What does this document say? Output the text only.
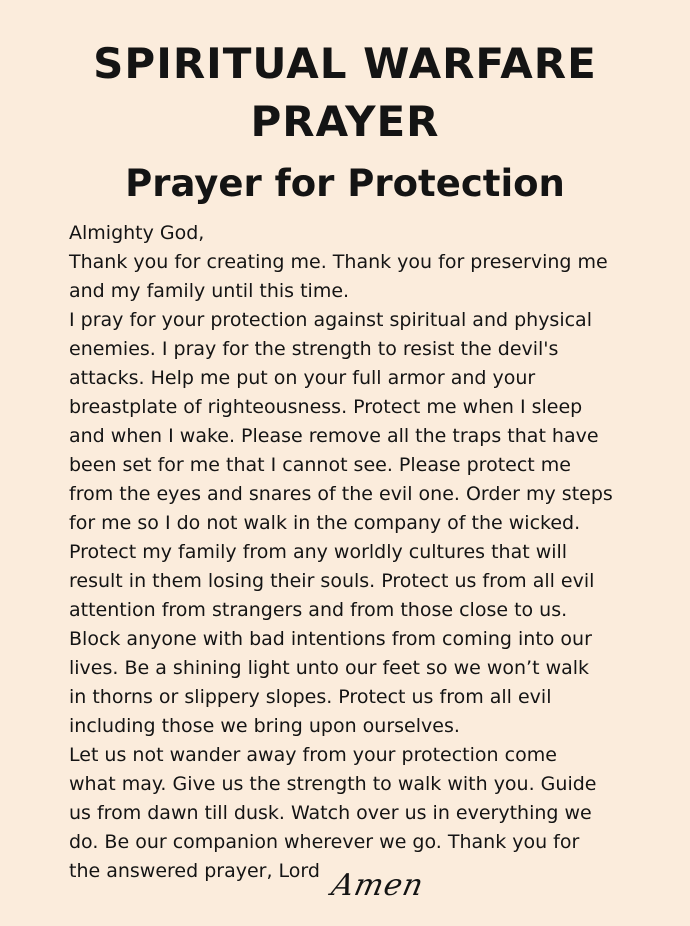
SPIRITUAL WARFARE
PRAYER
Prayer for Protection
Almighty God,
Thank you for creating me. Thank you for preserving me
and my family until this time.
I pray for your protection against spiritual and physical
enemies. I pray for the strength to resist the devil's
attacks. Help me put on your full armor and your
breastplate of righteousness. Protect me when I sleep
and when I wake. Please remove all the traps that have
been set for me that I cannot see. Please protect me
from the eyes and snares of the evil one. Order my steps
for me so I do not walk in the company of the wicked.
Protect my family from any worldly cultures that will
result in them losing their souls. Protect us from all evil
attention from strangers and from those close to us.
Block anyone with bad intentions from coming into our
lives. Be a shining light unto our feet so we won’t walk
in thorns or slippery slopes. Protect us from all evil
including those we bring upon ourselves.
Let us not wander away from your protection come
what may. Give us the strength to walk with you. Guide
us from dawn till dusk. Watch over us in everything we
do. Be our companion wherever we go. Thank you for
the answered prayer, Lord Amen
